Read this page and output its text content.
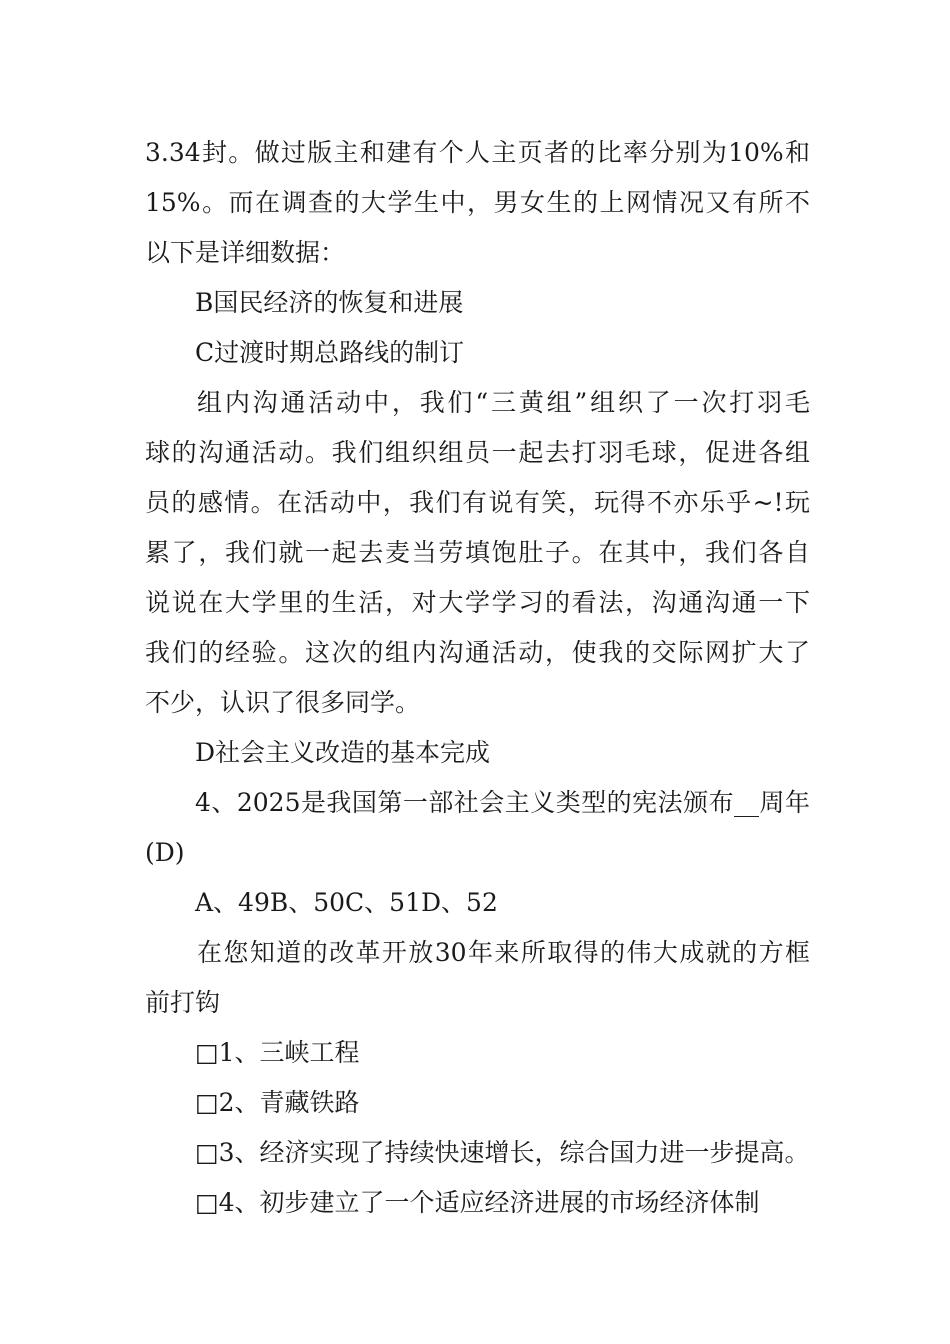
3.34封。做过版主和建有个人主页者的比率分别为10%和
15%。而在调查的大学生中，男女生的上网情况又有所不
以下是详细数据：
B国民经济的恢复和进展
C过渡时期总路线的制订
组内沟通活动中，我们“三黄组”组织了一次打羽毛
球的沟通活动。我们组织组员一起去打羽毛球，促进各组
员的感情。在活动中，我们有说有笑，玩得不亦乐乎~!玩
累了，我们就一起去麦当劳填饱肚子。在其中，我们各自
说说在大学里的生活，对大学学习的看法，沟通沟通一下
我们的经验。这次的组内沟通活动，使我的交际网扩大了
不少，认识了很多同学。
D社会主义改造的基本完成
4、2025是我国第一部社会主义类型的宪法颁布__周年
(D)
A、49B、50C、51D、52
在您知道的改革开放30年来所取得的伟大成就的方框
前打钩
□1、三峡工程
□2、青藏铁路
□3、经济实现了持续快速增长，综合国力进一步提高。
□4、初步建立了一个适应经济进展的市场经济体制
